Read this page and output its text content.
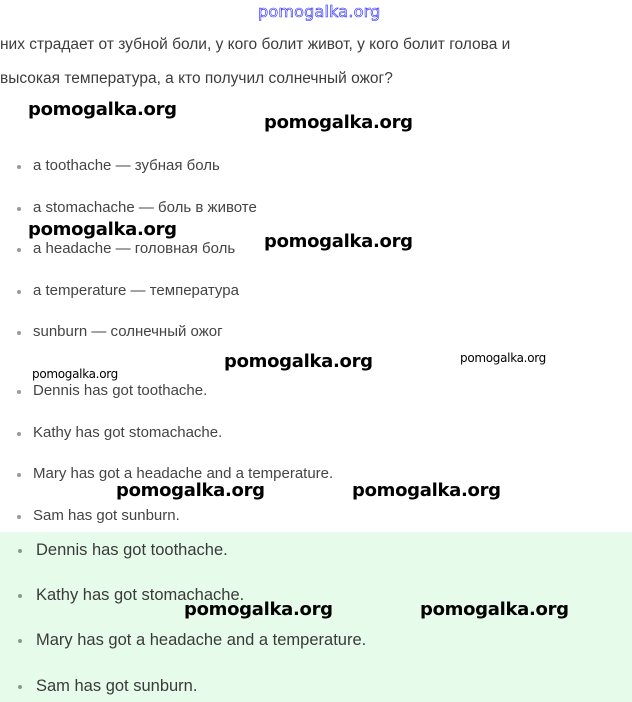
pomogalka.org
них страдает от зубной боли, у кого болит живот, у кого болит голова и
высокая температура, а кто получил солнечный ожог?
a toothache — зубная боль
a stomachache — боль в животе
a headache — головная боль
a temperature — температура
sunburn — солнечный ожог
Dennis has got toothache.
Kathy has got stomachache.
Mary has got a headache and a temperature.
Sam has got sunburn.
Dennis has got toothache.
Kathy has got stomachache.
Mary has got a headache and a temperature.
Sam has got sunburn.
pomogalka.org
pomogalka.org
pomogalka.org
pomogalka.org
pomogalka.org
pomogalka.org	pomogalka.org
pomogalka.org	pomogalka.org
pomogalka.org	pomogalka.org
